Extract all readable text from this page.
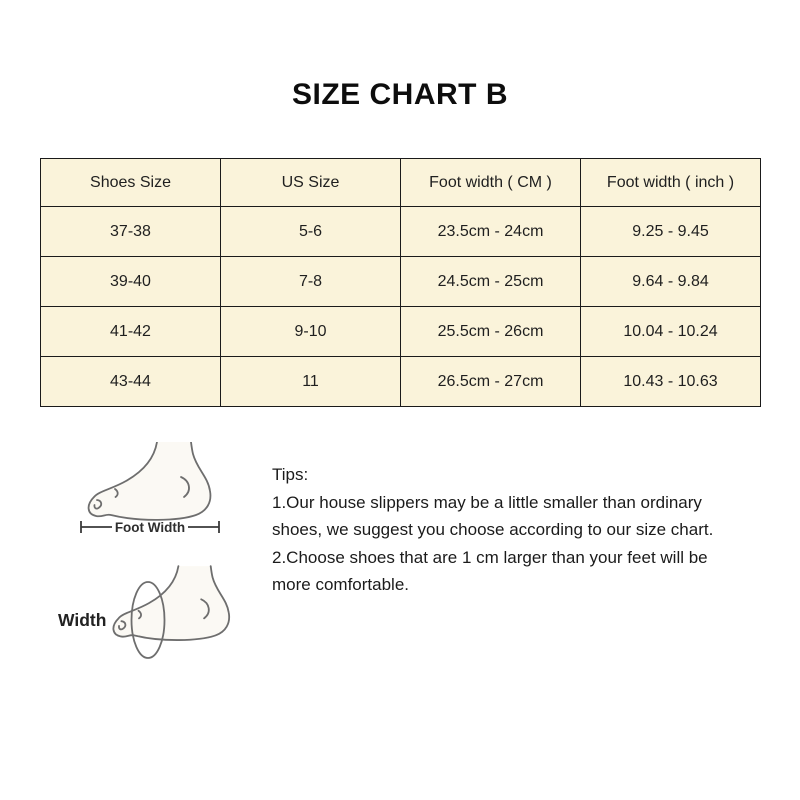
SIZE CHART B
Shoes Size	US Size	Foot width ( CM )	Foot width ( inch )
37-38	5-6	23.5cm - 24cm	9.25 - 9.45
39-40	7-8	24.5cm - 25cm	9.64 - 9.84
41-42	9-10	25.5cm - 26cm	10.04 - 10.24
43-44	11	26.5cm - 27cm	10.43 - 10.63
Foot Width
Width
Tips:
1.Our house slippers may be a little smaller than ordinary
shoes, we suggest you choose according to our size chart.
2.Choose shoes that are 1 cm larger than your feet will be
more comfortable.
